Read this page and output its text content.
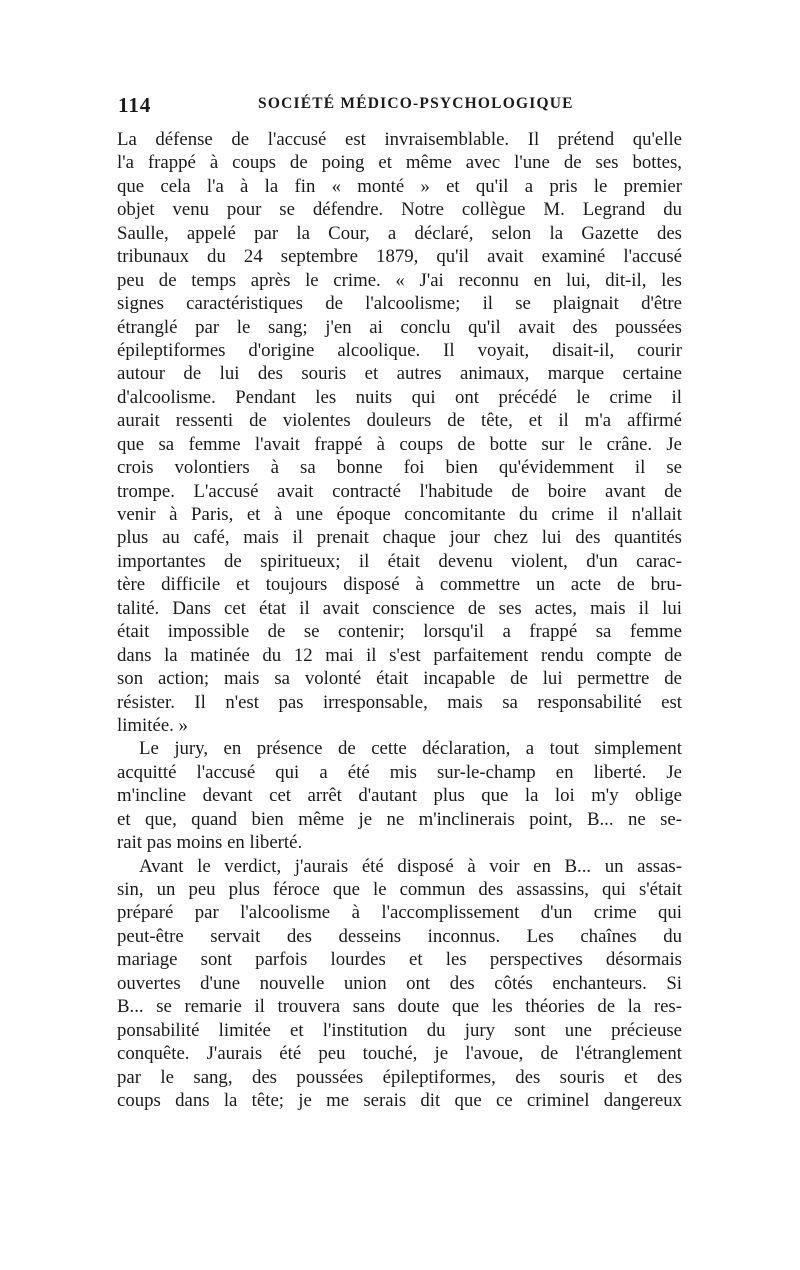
114	SOCIÉTÉ MÉDICO-PSYCHOLOGIQUE
La défense de l'accusé est invraisemblable. Il prétend qu'elle
l'a frappé à coups de poing et même avec l'une de ses bottes,
que cela l'a à la fin « monté » et qu'il a pris le premier
objet venu pour se défendre. Notre collègue M. Legrand du
Saulle, appelé par la Cour, a déclaré, selon la Gazette des
tribunaux du 24 septembre 1879, qu'il avait examiné l'accusé
peu de temps après le crime. « J'ai reconnu en lui, dit-il, les
signes caractéristiques de l'alcoolisme; il se plaignait d'être
étranglé par le sang; j'en ai conclu qu'il avait des poussées
épileptiformes d'origine alcoolique. Il voyait, disait-il, courir
autour de lui des souris et autres animaux, marque certaine
d'alcoolisme. Pendant les nuits qui ont précédé le crime il
aurait ressenti de violentes douleurs de tête, et il m'a affirmé
que sa femme l'avait frappé à coups de botte sur le crâne. Je
crois volontiers à sa bonne foi bien qu'évidemment il se
trompe. L'accusé avait contracté l'habitude de boire avant de
venir à Paris, et à une époque concomitante du crime il n'allait
plus au café, mais il prenait chaque jour chez lui des quantités
importantes de spiritueux; il était devenu violent, d'un carac-
tère difficile et toujours disposé à commettre un acte de bru-
talité. Dans cet état il avait conscience de ses actes, mais il lui
était impossible de se contenir; lorsqu'il a frappé sa femme
dans la matinée du 12 mai il s'est parfaitement rendu compte de
son action; mais sa volonté était incapable de lui permettre de
résister. Il n'est pas irresponsable, mais sa responsabilité est
limitée. »
Le jury, en présence de cette déclaration, a tout simplement
acquitté l'accusé qui a été mis sur-le-champ en liberté. Je
m'incline devant cet arrêt d'autant plus que la loi m'y oblige
et que, quand bien même je ne m'inclinerais point, B... ne se-
rait pas moins en liberté.
Avant le verdict, j'aurais été disposé à voir en B... un assas-
sin, un peu plus féroce que le commun des assassins, qui s'était
préparé par l'alcoolisme à l'accomplissement d'un crime qui
peut-être servait des desseins inconnus. Les chaînes du
mariage sont parfois lourdes et les perspectives désormais
ouvertes d'une nouvelle union ont des côtés enchanteurs. Si
B... se remarie il trouvera sans doute que les théories de la res-
ponsabilité limitée et l'institution du jury sont une précieuse
conquête. J'aurais été peu touché, je l'avoue, de l'étranglement
par le sang, des poussées épileptiformes, des souris et des
coups dans la tête; je me serais dit que ce criminel dangereux
